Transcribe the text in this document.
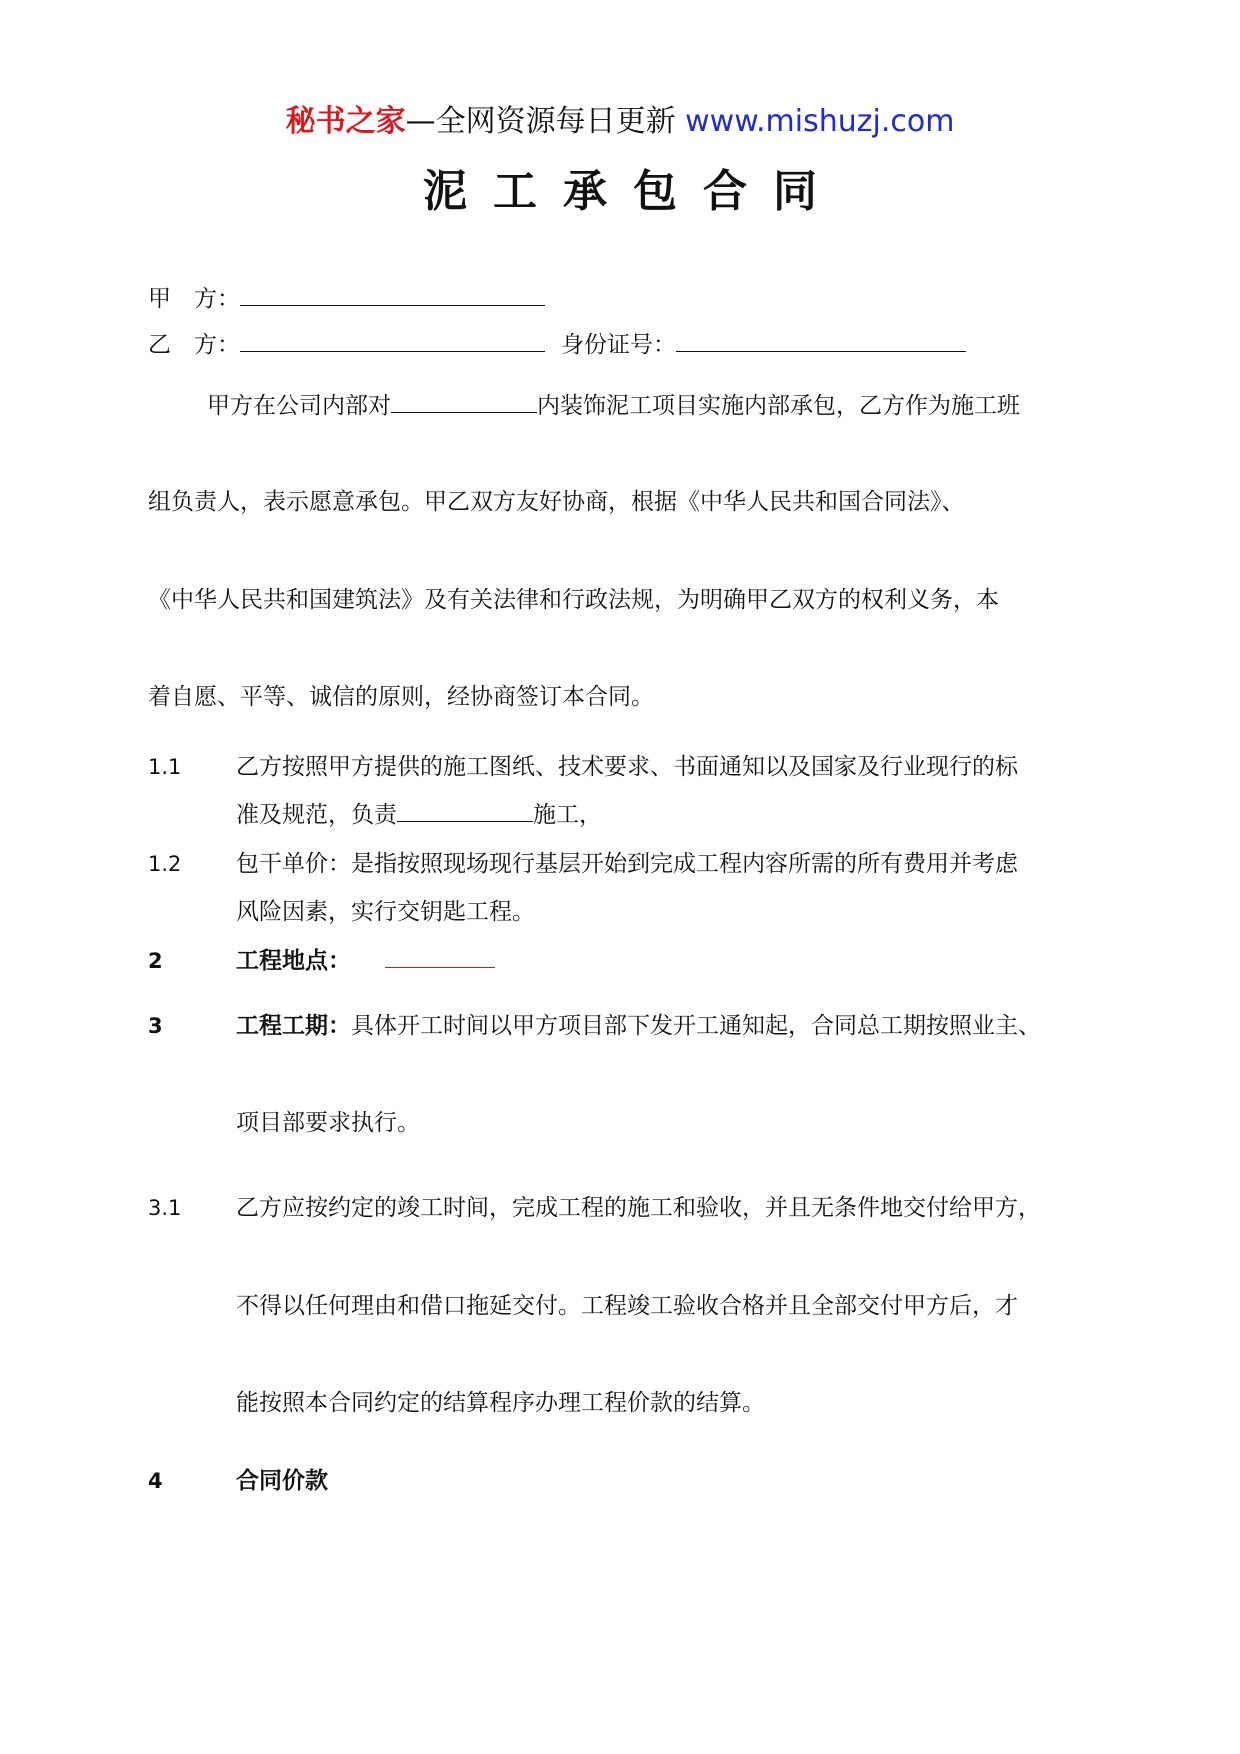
秘书之家—全网资源每日更新 www.mishuzj.com
泥工承包合同
甲　方：
乙　方：	身份证号：
甲方在公司内部对	内装饰泥工项目实施内部承包，乙方作为施工班
组负责人，表示愿意承包。甲乙双方友好协商，根据《中华人民共和国合同法》、
《中华人民共和国建筑法》及有关法律和行政法规，为明确甲乙双方的权利义务，本
着自愿、平等、诚信的原则，经协商签订本合同。
1.1 乙方按照甲方提供的施工图纸、技术要求、书面通知以及国家及行业现行的标
准及规范，负责	施工，
1.2 包干单价：是指按照现场现行基层开始到完成工程内容所需的所有费用并考虑
风险因素，实行交钥匙工程。
2	工程地点：
3	工程工期：具体开工时间以甲方项目部下发开工通知起，合同总工期按照业主、
项目部要求执行。
3.1 乙方应按约定的竣工时间，完成工程的施工和验收，并且无条件地交付给甲方，
不得以任何理由和借口拖延交付。工程竣工验收合格并且全部交付甲方后，才
能按照本合同约定的结算程序办理工程价款的结算。
4	合同价款
